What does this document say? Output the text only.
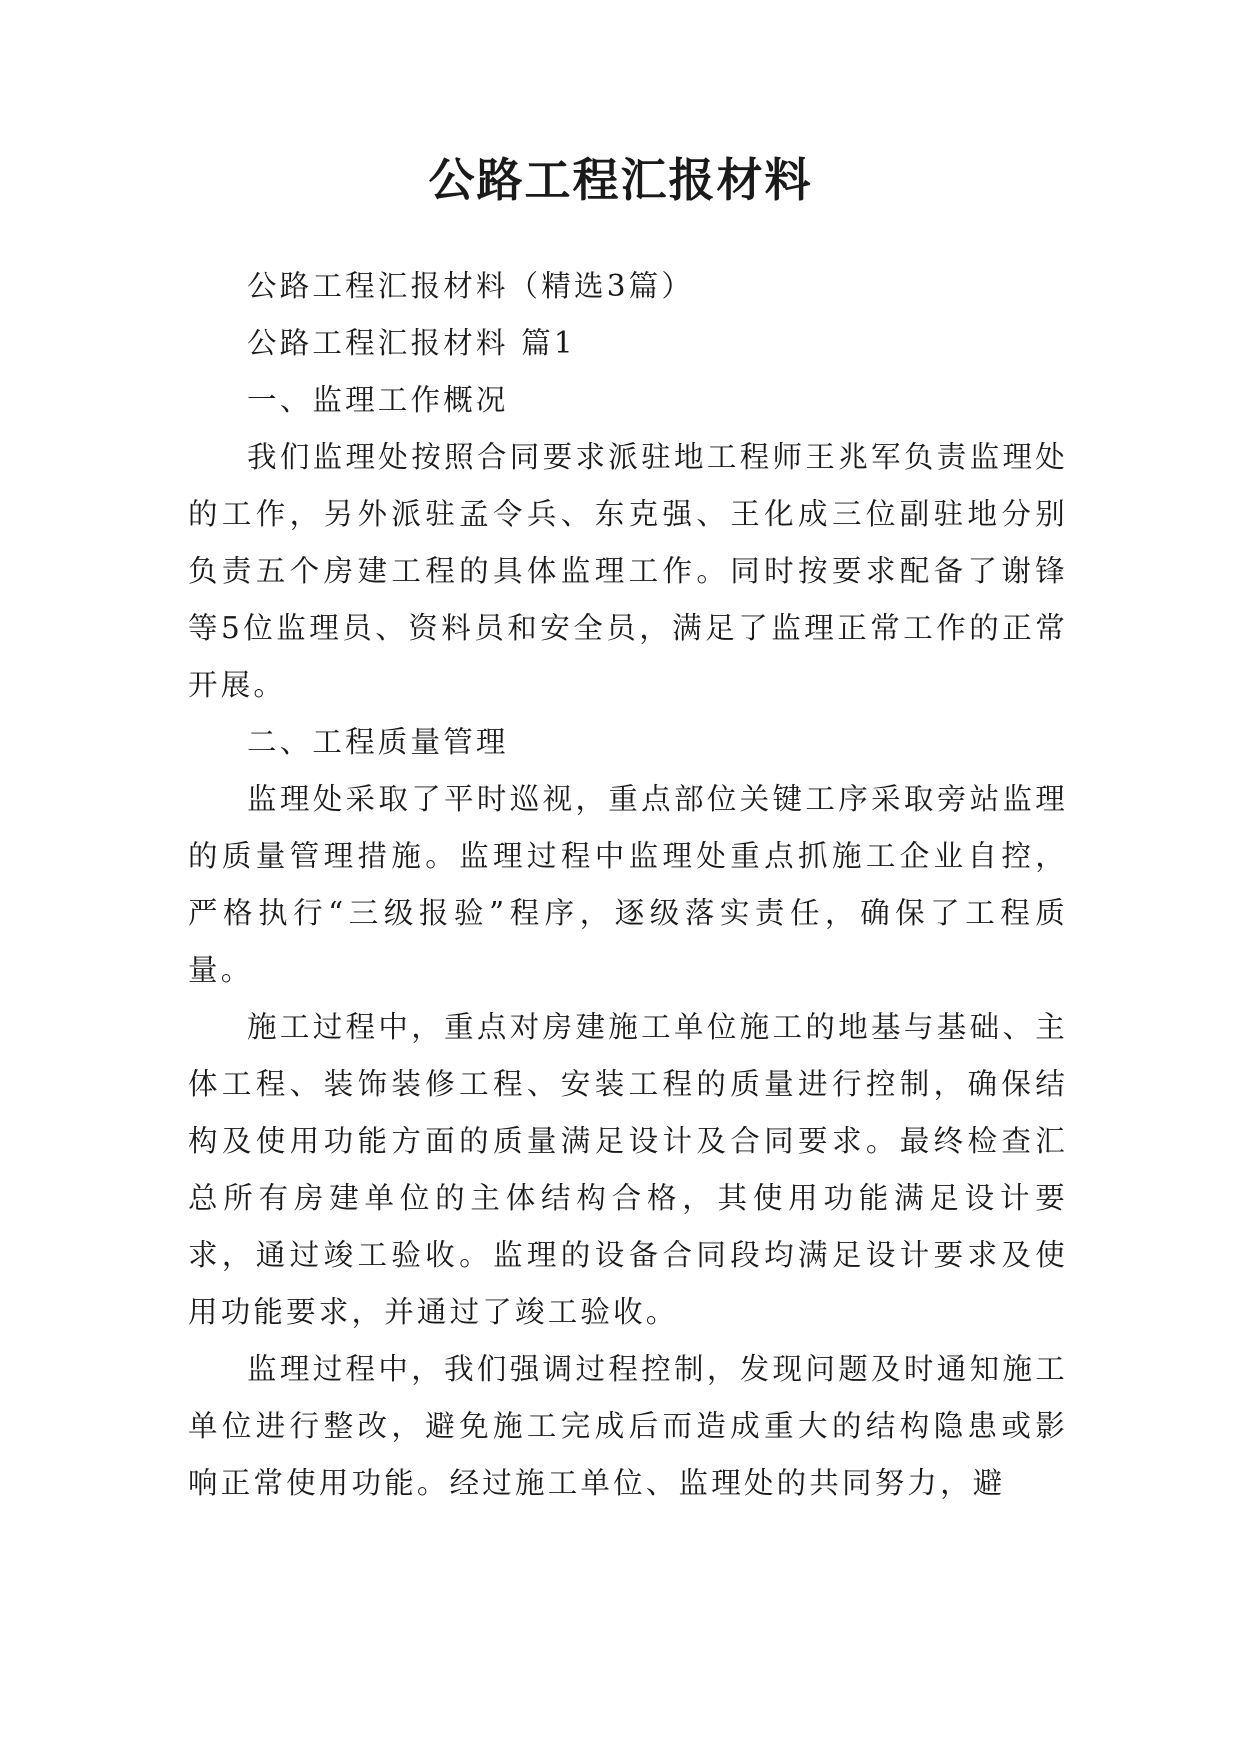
公路工程汇报材料

公路工程汇报材料（精选3篇）

公路工程汇报材料 篇1

一、监理工作概况

我们监理处按照合同要求派驻地工程师王兆军负责监理处的工作，另外派驻孟令兵、东克强、王化成三位副驻地分别负责五个房建工程的具体监理工作。同时按要求配备了谢锋等5位监理员、资料员和安全员，满足了监理正常工作的正常开展。

二、工程质量管理

监理处采取了平时巡视，重点部位关键工序采取旁站监理的质量管理措施。监理过程中监理处重点抓施工企业自控，严格执行“三级报验”程序，逐级落实责任，确保了工程质量。

施工过程中，重点对房建施工单位施工的地基与基础、主体工程、装饰装修工程、安装工程的质量进行控制，确保结构及使用功能方面的质量满足设计及合同要求。最终检查汇总所有房建单位的主体结构合格，其使用功能满足设计要求，通过竣工验收。监理的设备合同段均满足设计要求及使用功能要求，并通过了竣工验收。

监理过程中，我们强调过程控制，发现问题及时通知施工单位进行整改，避免施工完成后而造成重大的结构隐患或影响正常使用功能。经过施工单位、监理处的共同努力，避
